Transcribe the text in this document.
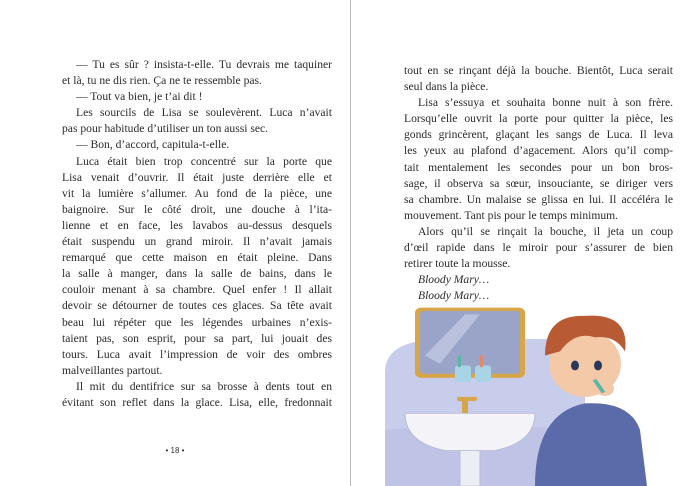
— Tu es sûr ? insista-t-elle. Tu devrais me taquiner
et là, tu ne dis rien. Ça ne te ressemble pas.
— Tout va bien, je t’ai dit !
Les sourcils de Lisa se soulevèrent. Luca n’avait
pas pour habitude d’utiliser un ton aussi sec.
— Bon, d’accord, capitula-t-elle.
Luca était bien trop concentré sur la porte que
Lisa venait d’ouvrir. Il était juste derrière elle et
vit la lumière s’allumer. Au fond de la pièce, une
baignoire. Sur le côté droit, une douche à l’ita-
lienne et en face, les lavabos au-dessus desquels
était suspendu un grand miroir. Il n’avait jamais
remarqué que cette maison en était pleine. Dans
la salle à manger, dans la salle de bains, dans le
couloir menant à sa chambre. Quel enfer ! Il allait
devoir se détourner de toutes ces glaces. Sa tête avait
beau lui répéter que les légendes urbaines n’exis-
taient pas, son esprit, pour sa part, lui jouait des
tours. Luca avait l’impression de voir des ombres
malveillantes partout.
Il mit du dentifrice sur sa brosse à dents tout en
évitant son reflet dans la glace. Lisa, elle, fredonnait
• 18 •
tout en se rinçant déjà la bouche. Bientôt, Luca serait
seul dans la pièce.
Lisa s’essuya et souhaita bonne nuit à son frère.
Lorsqu’elle ouvrit la porte pour quitter la pièce, les
gonds grincèrent, glaçant les sangs de Luca. Il leva
les yeux au plafond d’agacement. Alors qu’il comp-
tait mentalement les secondes pour un bon bros-
sage, il observa sa sœur, insouciante, se diriger vers
sa chambre. Un malaise se glissa en lui. Il accéléra le
mouvement. Tant pis pour le temps minimum.
Alors qu’il se rinçait la bouche, il jeta un coup
d’œil rapide dans le miroir pour s’assurer de bien
retirer toute la mousse.
Bloody Mary…
Bloody Mary…
